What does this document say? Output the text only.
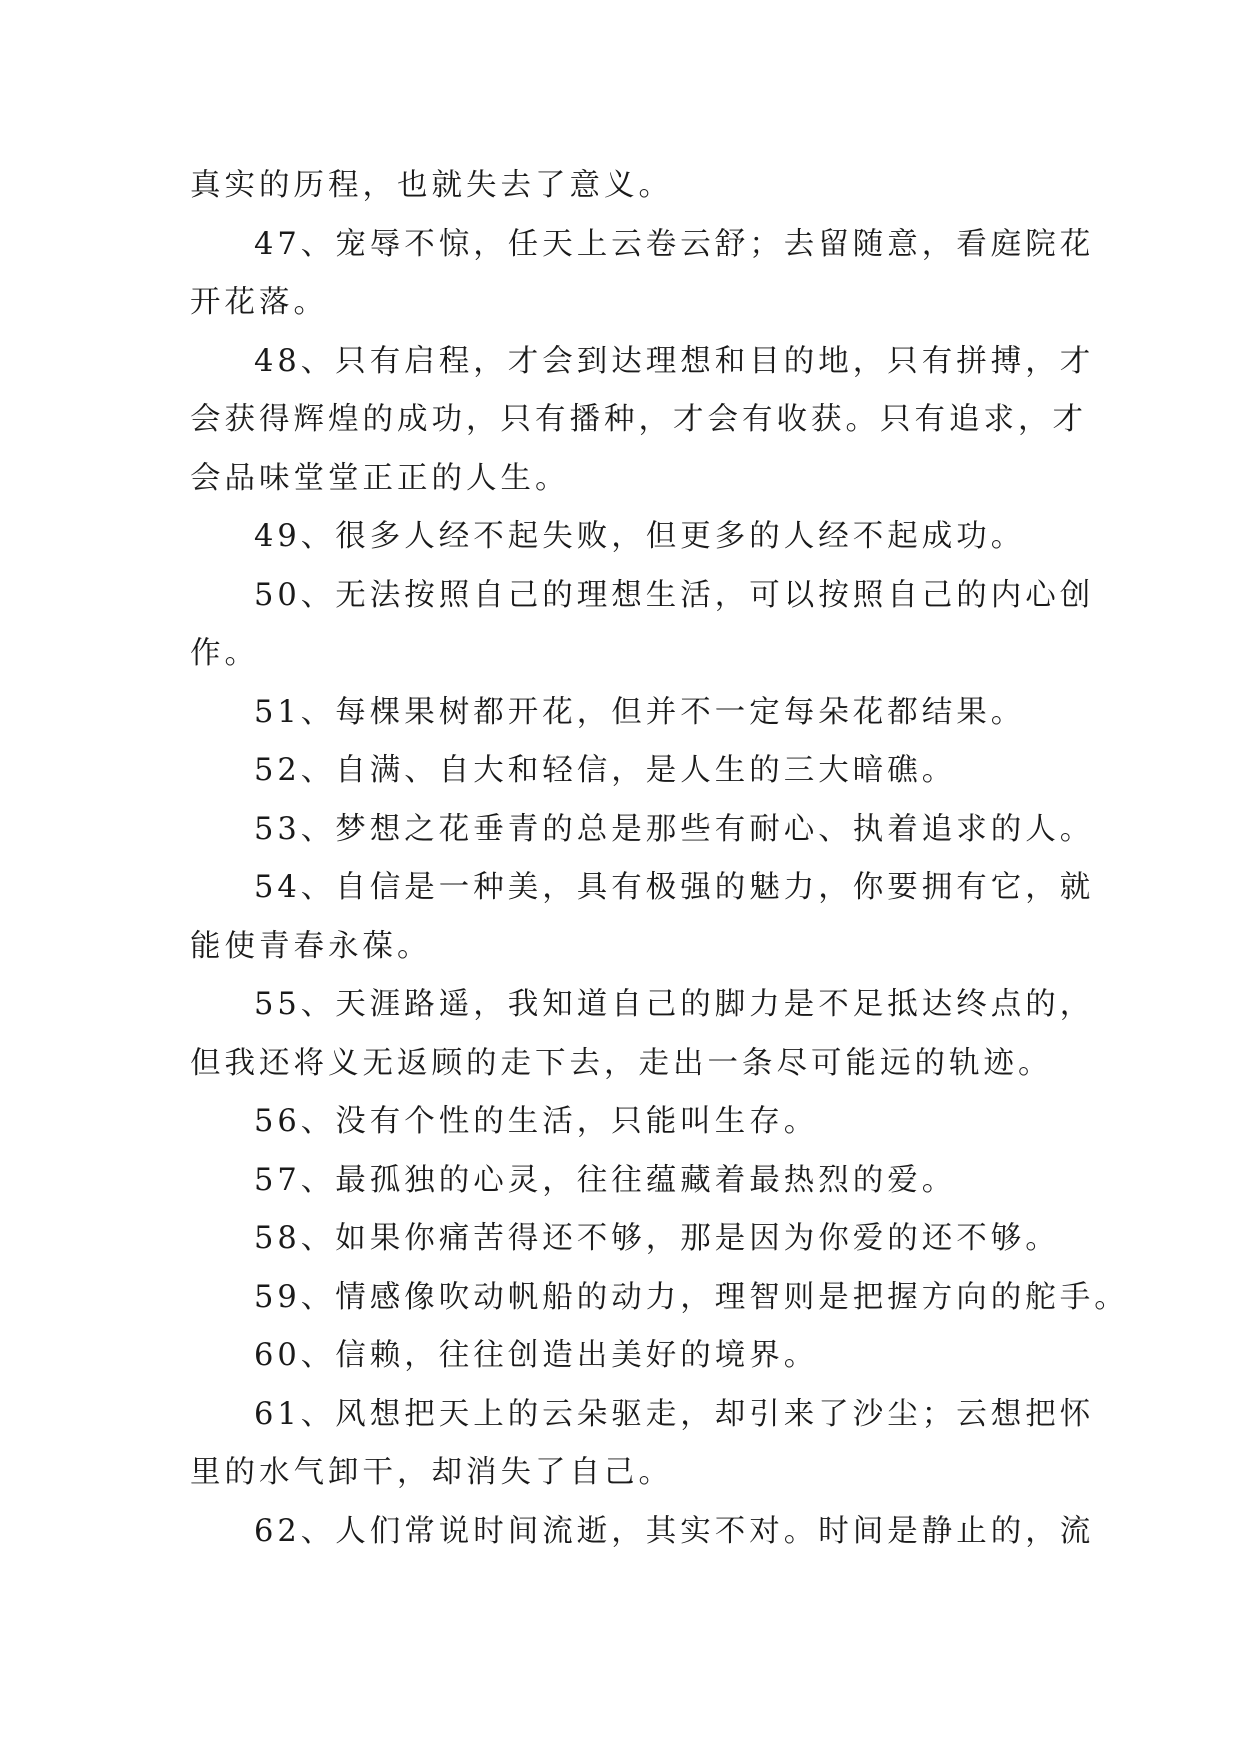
真实的历程，也就失去了意义。

47、宠辱不惊，任天上云卷云舒；去留随意，看庭院花

开花落。

48、只有启程，才会到达理想和目的地，只有拼搏，才

会获得辉煌的成功，只有播种，才会有收获。只有追求，才

会品味堂堂正正的人生。

49、很多人经不起失败，但更多的人经不起成功。

50、无法按照自己的理想生活，可以按照自己的内心创

作。

51、每棵果树都开花，但并不一定每朵花都结果。

52、自满、自大和轻信，是人生的三大暗礁。

53、梦想之花垂青的总是那些有耐心、执着追求的人。

54、自信是一种美，具有极强的魅力，你要拥有它，就

能使青春永葆。

55、天涯路遥，我知道自己的脚力是不足抵达终点的，

但我还将义无返顾的走下去，走出一条尽可能远的轨迹。

56、没有个性的生活，只能叫生存。

57、最孤独的心灵，往往蕴藏着最热烈的爱。

58、如果你痛苦得还不够，那是因为你爱的还不够。

59、情感像吹动帆船的动力，理智则是把握方向的舵手。

60、信赖，往往创造出美好的境界。

61、风想把天上的云朵驱走，却引来了沙尘；云想把怀

里的水气卸干，却消失了自己。

62、人们常说时间流逝，其实不对。时间是静止的，流
